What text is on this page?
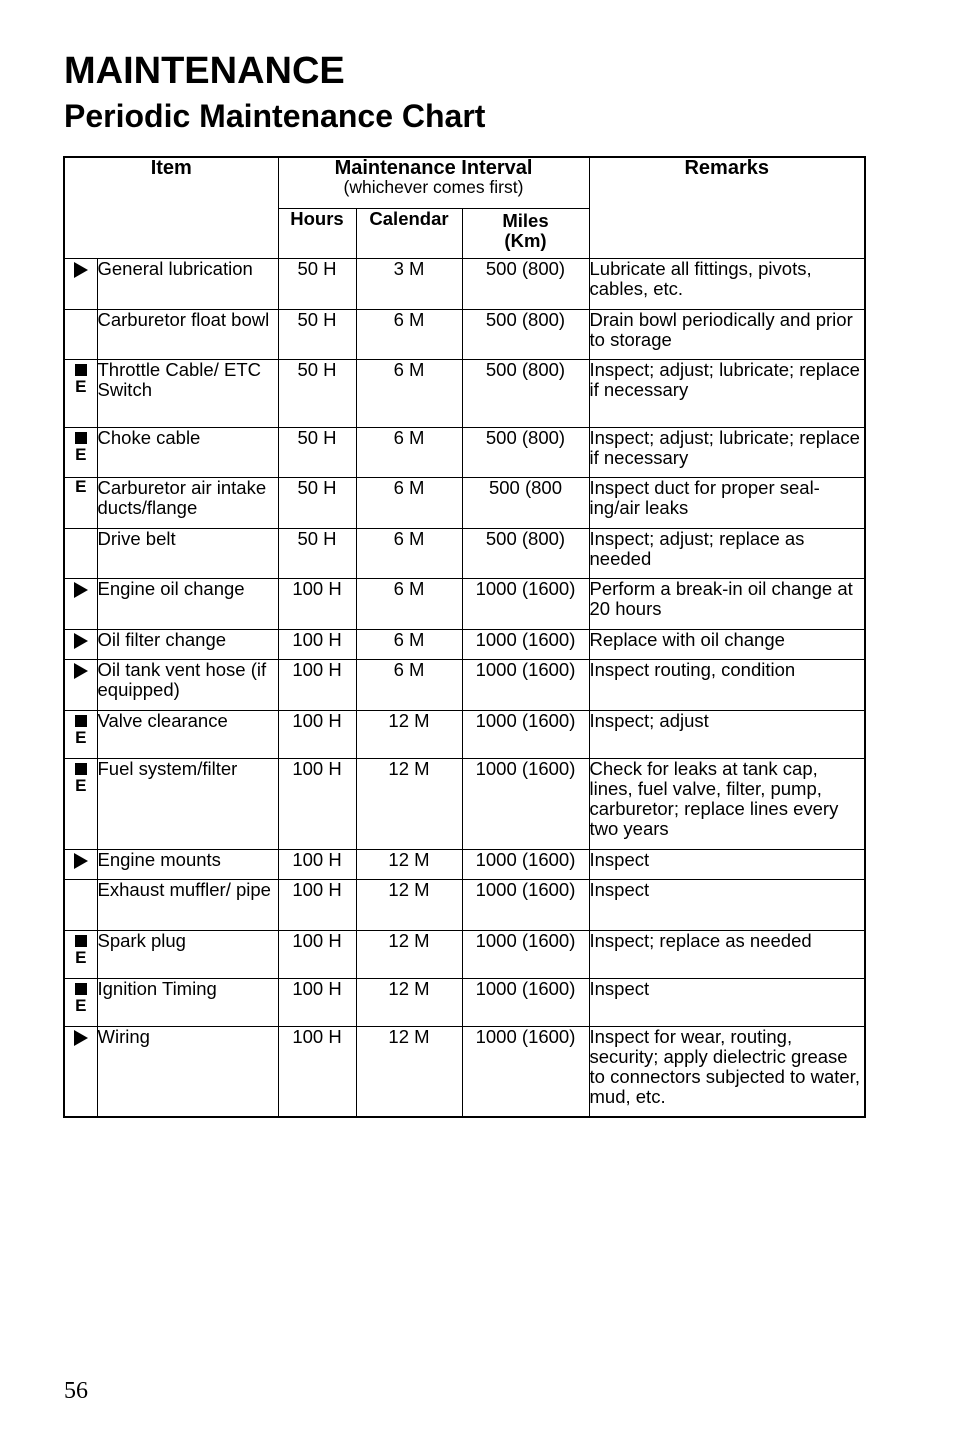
MAINTENANCE
Periodic Maintenance Chart
Item		Maintenance Interval
(whichever comes first)			Remarks
		Hours	Calendar	Miles (Km)	
	General lubrication	50 H	3 M	500 (800)	Lubricate all fittings, pivots, cables, etc.
	Carburetor float bowl	50 H	6 M	500 (800)	Drain bowl periodically and prior to storage

E	Throttle Cable/ ETC Switch	50 H	6 M	500 (800)	Inspect; adjust; lubricate; replace if necessary

E	Choke cable	50 H	6 M	500 (800)	Inspect; adjust; lubricate; replace if necessary

E	Carburetor air intake ducts/flange	50 H	6 M	500 (800	Inspect duct for proper seal-ing/air leaks
	Drive belt	50 H	6 M	500 (800)	Inspect; adjust; replace as needed
	Engine oil change	100 H	6 M	1000 (1600)	Perform a break-in oil change at 20 hours
	Oil filter change	100 H	6 M	1000 (1600)	Replace with oil change
	Oil tank vent hose (if equipped)	100 H	6 M	1000 (1600)	Inspect routing, condition

E	Valve clearance	100 H	12 M	1000 (1600)	Inspect; adjust

E	Fuel system/filter	100 H	12 M	1000 (1600)	Check for leaks at tank cap, lines, fuel valve, filter, pump, carburetor; replace lines every two years
	Engine mounts	100 H	12 M	1000 (1600)	Inspect
	Exhaust muffler/ pipe	100 H	12 M	1000 (1600)	Inspect

E	Spark plug	100 H	12 M	1000 (1600)	Inspect; replace as needed

E	Ignition Timing	100 H	12 M	1000 (1600)	Inspect
	Wiring	100 H	12 M	1000 (1600)	Inspect for wear, routing, security; apply dielectric grease to connectors subjected to water, mud, etc.
56
